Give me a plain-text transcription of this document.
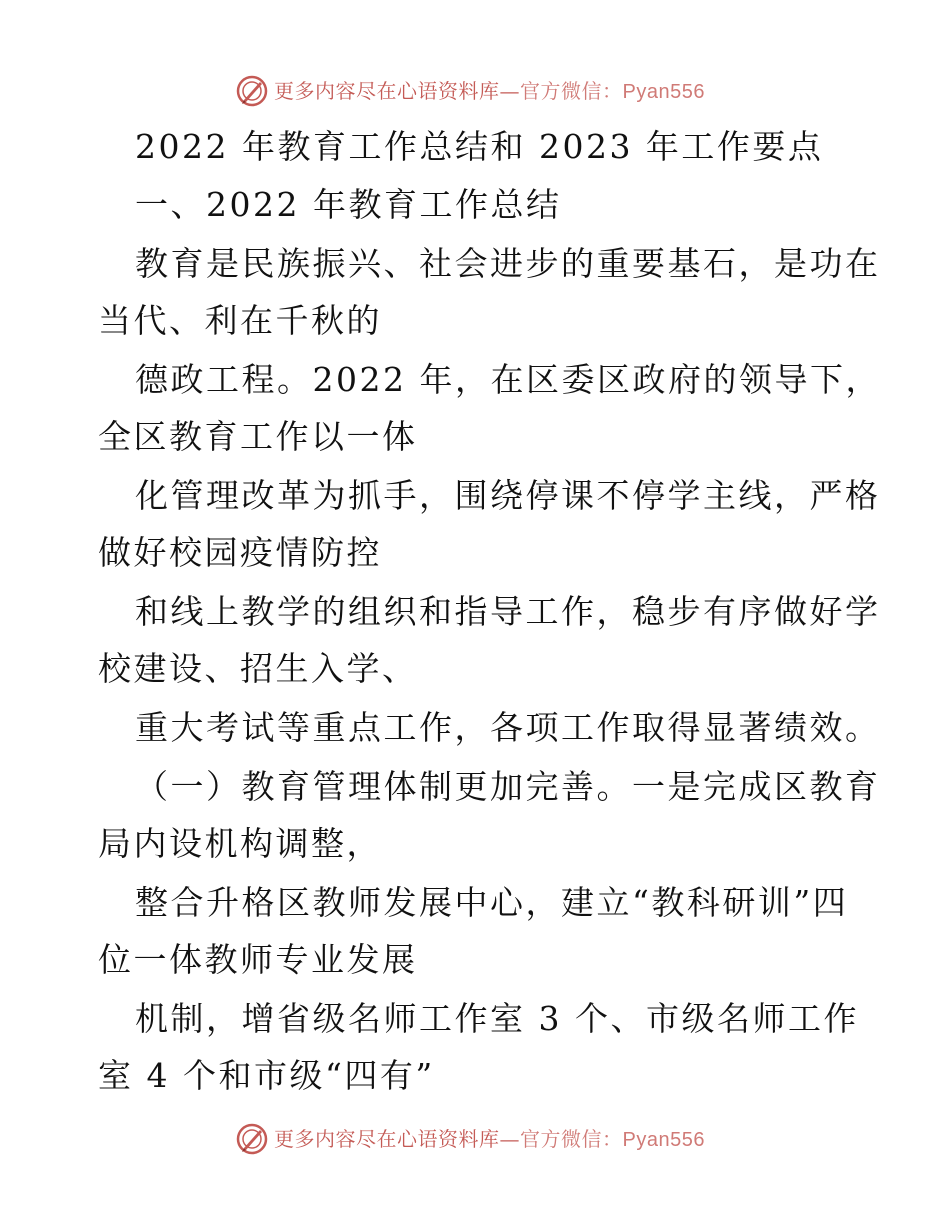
更多内容尽在心语资料库—官方微信：Pyan556
2022 年教育工作总结和 2023 年工作要点
一、2022 年教育工作总结
教育是民族振兴、社会进步的重要基石，是功在
当代、利在千秋的
德政工程。2022 年，在区委区政府的领导下，
全区教育工作以一体
化管理改革为抓手，围绕停课不停学主线，严格
做好校园疫情防控
和线上教学的组织和指导工作，稳步有序做好学
校建设、招生入学、
重大考试等重点工作，各项工作取得显著绩效。
（一）教育管理体制更加完善。一是完成区教育
局内设机构调整，
整合升格区教师发展中心，建立“教科研训”四
位一体教师专业发展
机制，增省级名师工作室 3 个、市级名师工作
室 4 个和市级“四有”
更多内容尽在心语资料库—官方微信：Pyan556
